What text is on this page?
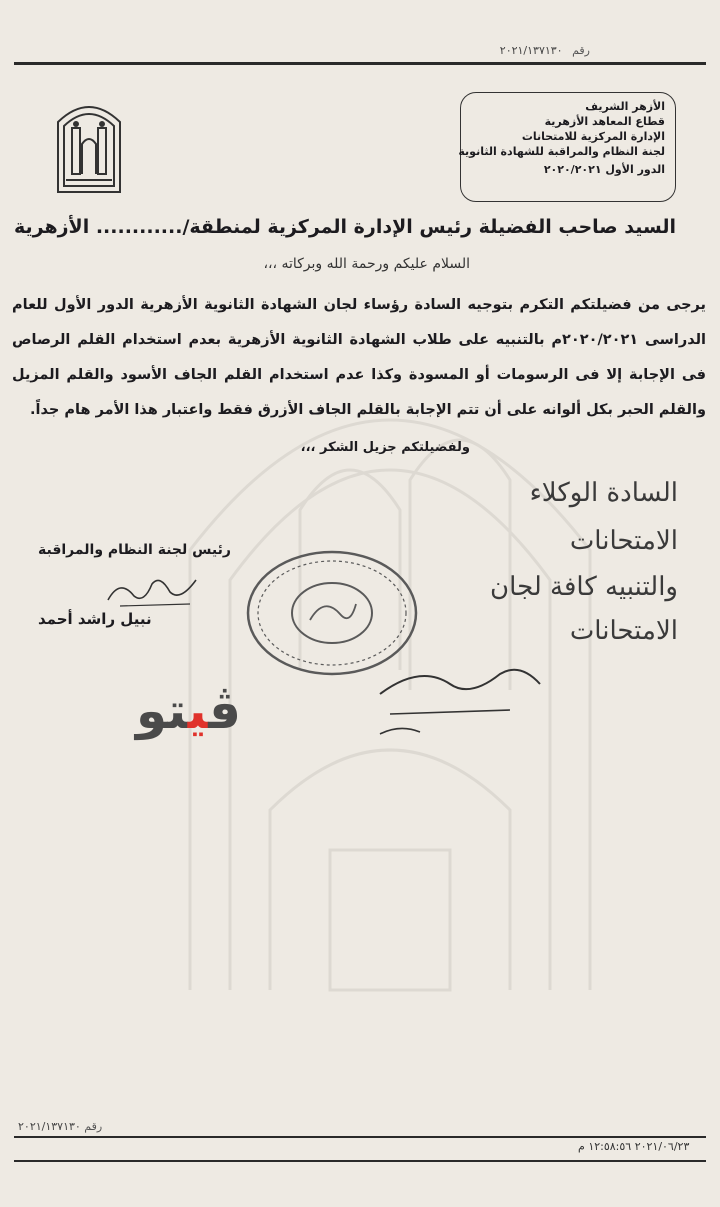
رقم ٢٠٢١/١٣٧١٣٠
الأزهر الشريف
قطاع المعاهد الأزهرية
الإدارة المركزية للامتحانات
لجنة النظام والمراقبة للشهادة الثانوية
الدور الأول ٢٠٢٠/٢٠٢١
السيد صاحب الفضيلة رئيس الإدارة المركزية لمنطقة/............ الأزهرية
السلام عليكم ورحمة الله وبركاته ،،،
يرجى من فضيلتكم التكرم بتوجيه السادة رؤساء لجان الشهادة الثانوية الأزهرية الدور الأول للعام الدراسى ٢٠٢٠/٢٠٢١م بالتنبيه على طلاب الشهادة الثانوية الأزهرية بعدم استخدام القلم الرصاص فى الإجابة إلا فى الرسومات أو المسودة وكذا عدم استخدام القلم الجاف الأسود والقلم المزيل والقلم الحبر بكل ألوانه على أن تتم الإجابة بالقلم الجاف الأزرق فقط واعتبار هذا الأمر هام جداً.
ولفضيلتكم جزيل الشكر ،،،
رئيس لجنة النظام والمراقبة
نبيل راشد أحمد
السادة الوكلاء
الامتحانات
والتنبيه كافة لجان
الامتحانات
ڤيتو
رقم ٢٠٢١/١٣٧١٣٠
٢٠٢١/٠٦/٢٣ ١٢:٥٨:٥٦ م
